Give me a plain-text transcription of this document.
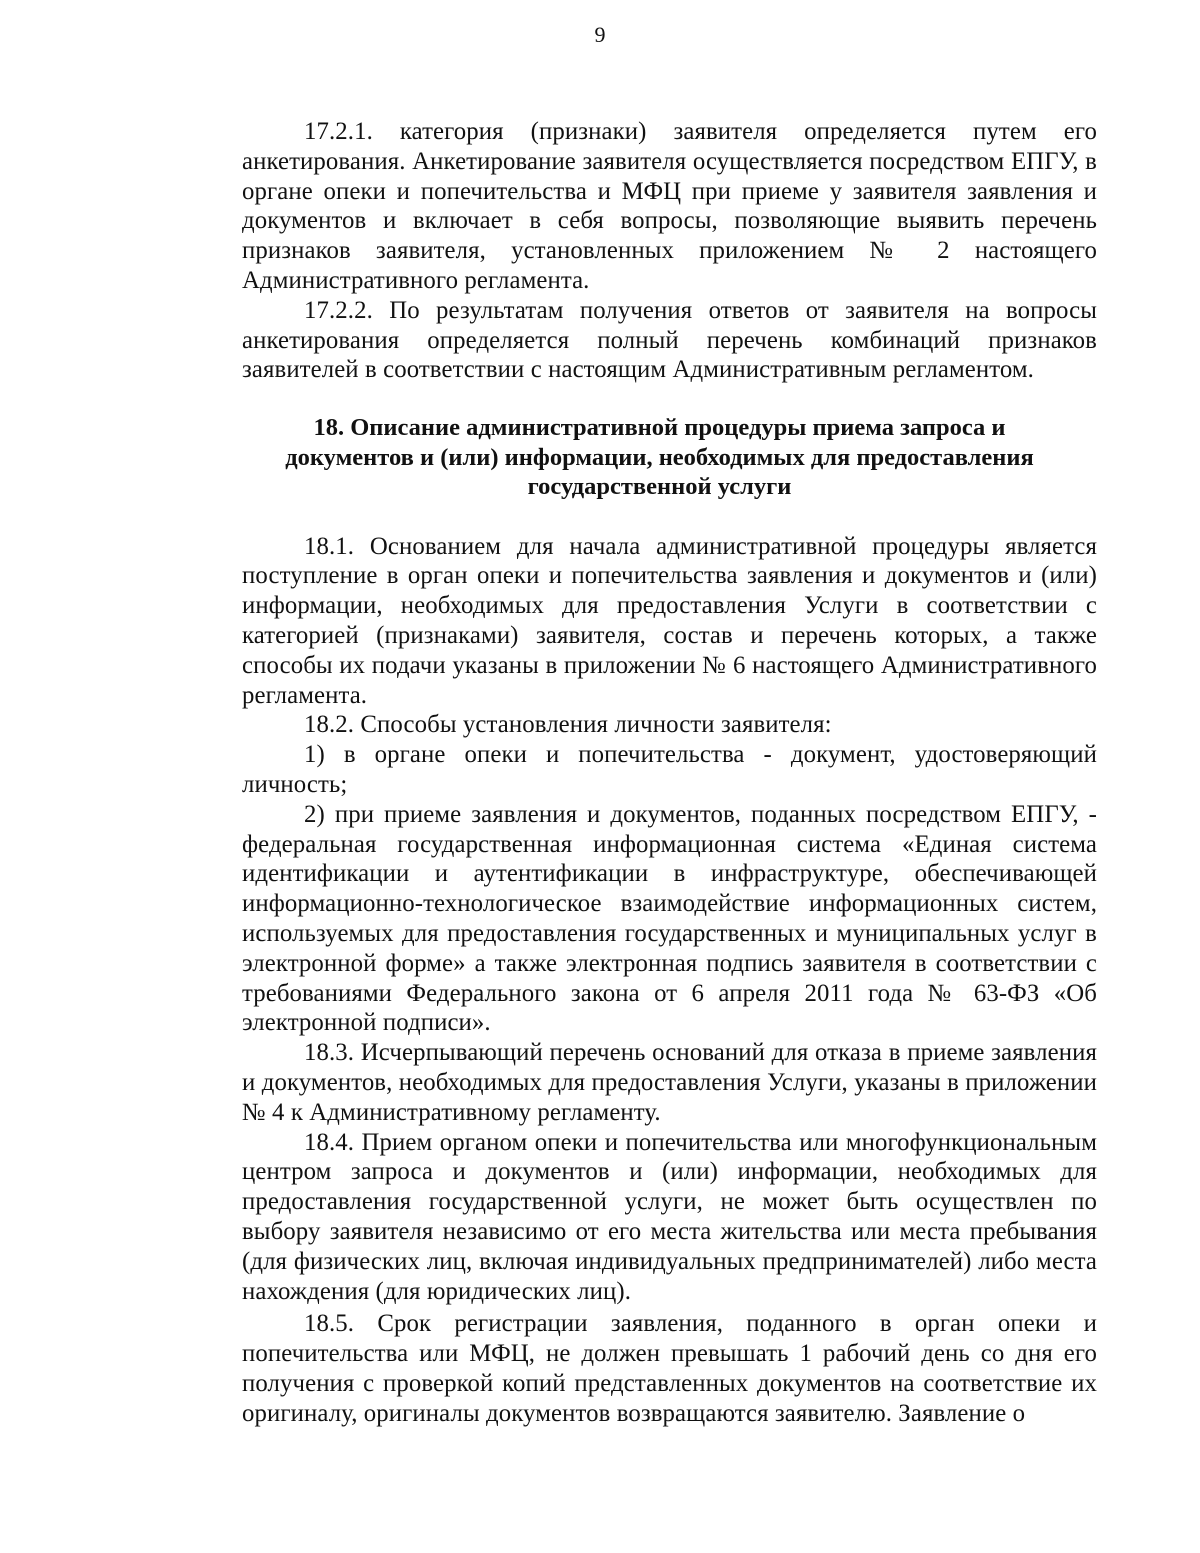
9

17.2.1. категория (признаки) заявителя определяется путем его анкетирования. Анкетирование заявителя осуществляется посредством ЕПГУ, в органе опеки и попечительства и МФЦ при приеме у заявителя заявления и документов и включает в себя вопросы, позволяющие выявить перечень признаков заявителя, установленных приложением № 2 настоящего Административного регламента.

17.2.2. По результатам получения ответов от заявителя на вопросы анкетирования определяется полный перечень комбинаций признаков заявителей в соответствии с настоящим Административным регламентом.

18. Описание административной процедуры приема запроса и
документов и (или) информации, необходимых для предоставления
государственной услуги

18.1. Основанием для начала административной процедуры является поступление в орган опеки и попечительства заявления и документов и (или) информации, необходимых для предоставления Услуги в соответствии с категорией (признаками) заявителя, состав и перечень которых, а также способы их подачи указаны в приложении № 6 настоящего Административного регламента.

18.2. Способы установления личности заявителя:

1) в органе опеки и попечительства - документ, удостоверяющий личность;

2) при приеме заявления и документов, поданных посредством ЕПГУ, - федеральная государственная информационная система «Единая система идентификации и аутентификации в инфраструктуре, обеспечивающей информационно-технологическое взаимодействие информационных систем, используемых для предоставления государственных и муниципальных услуг в электронной форме» а также электронная подпись заявителя в соответствии с требованиями Федерального закона от 6 апреля 2011 года № 63-ФЗ «Об электронной подписи».

18.3. Исчерпывающий перечень оснований для отказа в приеме заявления и документов, необходимых для предоставления Услуги, указаны в приложении № 4 к Административному регламенту.

18.4. Прием органом опеки и попечительства или многофункциональным центром запроса и документов и (или) информации, необходимых для предоставления государственной услуги, не может быть осуществлен по выбору заявителя независимо от его места жительства или места пребывания (для физических лиц, включая индивидуальных предпринимателей) либо места нахождения (для юридических лиц).

18.5. Срок регистрации заявления, поданного в орган опеки и попечительства или МФЦ, не должен превышать 1 рабочий день со дня его получения с проверкой копий представленных документов на соответствие их оригиналу, оригиналы документов возвращаются заявителю. Заявление о
